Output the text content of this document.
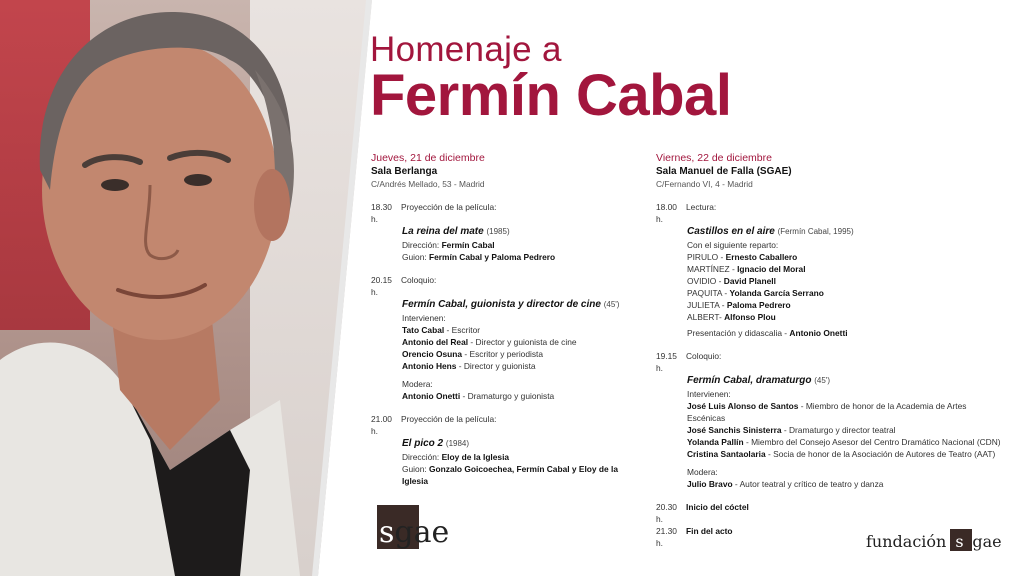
Homenaje a
Fermín Cabal
Jueves, 21 de diciembre
Sala Berlanga
C/Andrés Mellado, 53 - Madrid
18.30 h.
Proyección de la película:
La reina del mate (1985)
Dirección: Fermín Cabal
Guion: Fermín Cabal y Paloma Pedrero
20.15 h.
Coloquio:
Fermín Cabal, guionista y director de cine (45')
Intervienen:
Tato Cabal - Escritor
Antonio del Real - Director y guionista de cine
Orencio Osuna - Escritor y periodista
Antonio Hens - Director y guionista
Modera:
Antonio Onetti - Dramaturgo y guionista
21.00 h.
Proyección de la película:
El pico 2 (1984)
Dirección: Eloy de la Iglesia
Guion: Gonzalo Goicoechea, Fermín Cabal y Eloy de la Iglesia
Viernes, 22 de diciembre
Sala Manuel de Falla (SGAE)
C/Fernando VI, 4 - Madrid
18.00 h.
Lectura:
Castillos en el aire (Fermín Cabal, 1995)
Con el siguiente reparto:
PIRULO - Ernesto Caballero
MARTÍNEZ - Ignacio del Moral
OVIDIO - David Planell
PAQUITA - Yolanda García Serrano
JULIETA - Paloma Pedrero
ALBERT- Alfonso Plou
Presentación y didascalia - Antonio Onetti
19.15 h.
Coloquio:
Fermín Cabal, dramaturgo (45')
Intervienen:
José Luis Alonso de Santos - Miembro de honor de la Academia de Artes Escénicas
José Sanchis Sinisterra - Dramaturgo y director teatral
Yolanda Pallín - Miembro del Consejo Asesor del Centro Dramático Nacional (CDN)
Cristina Santaolaria - Socia de honor de la Asociación de Autores de Teatro (AAT)
Modera:
Julio Bravo - Autor teatral y crítico de teatro y danza
20.30 h.
Inicio del cóctel
21.30 h.
Fin del acto
sgae	fundación s gae
